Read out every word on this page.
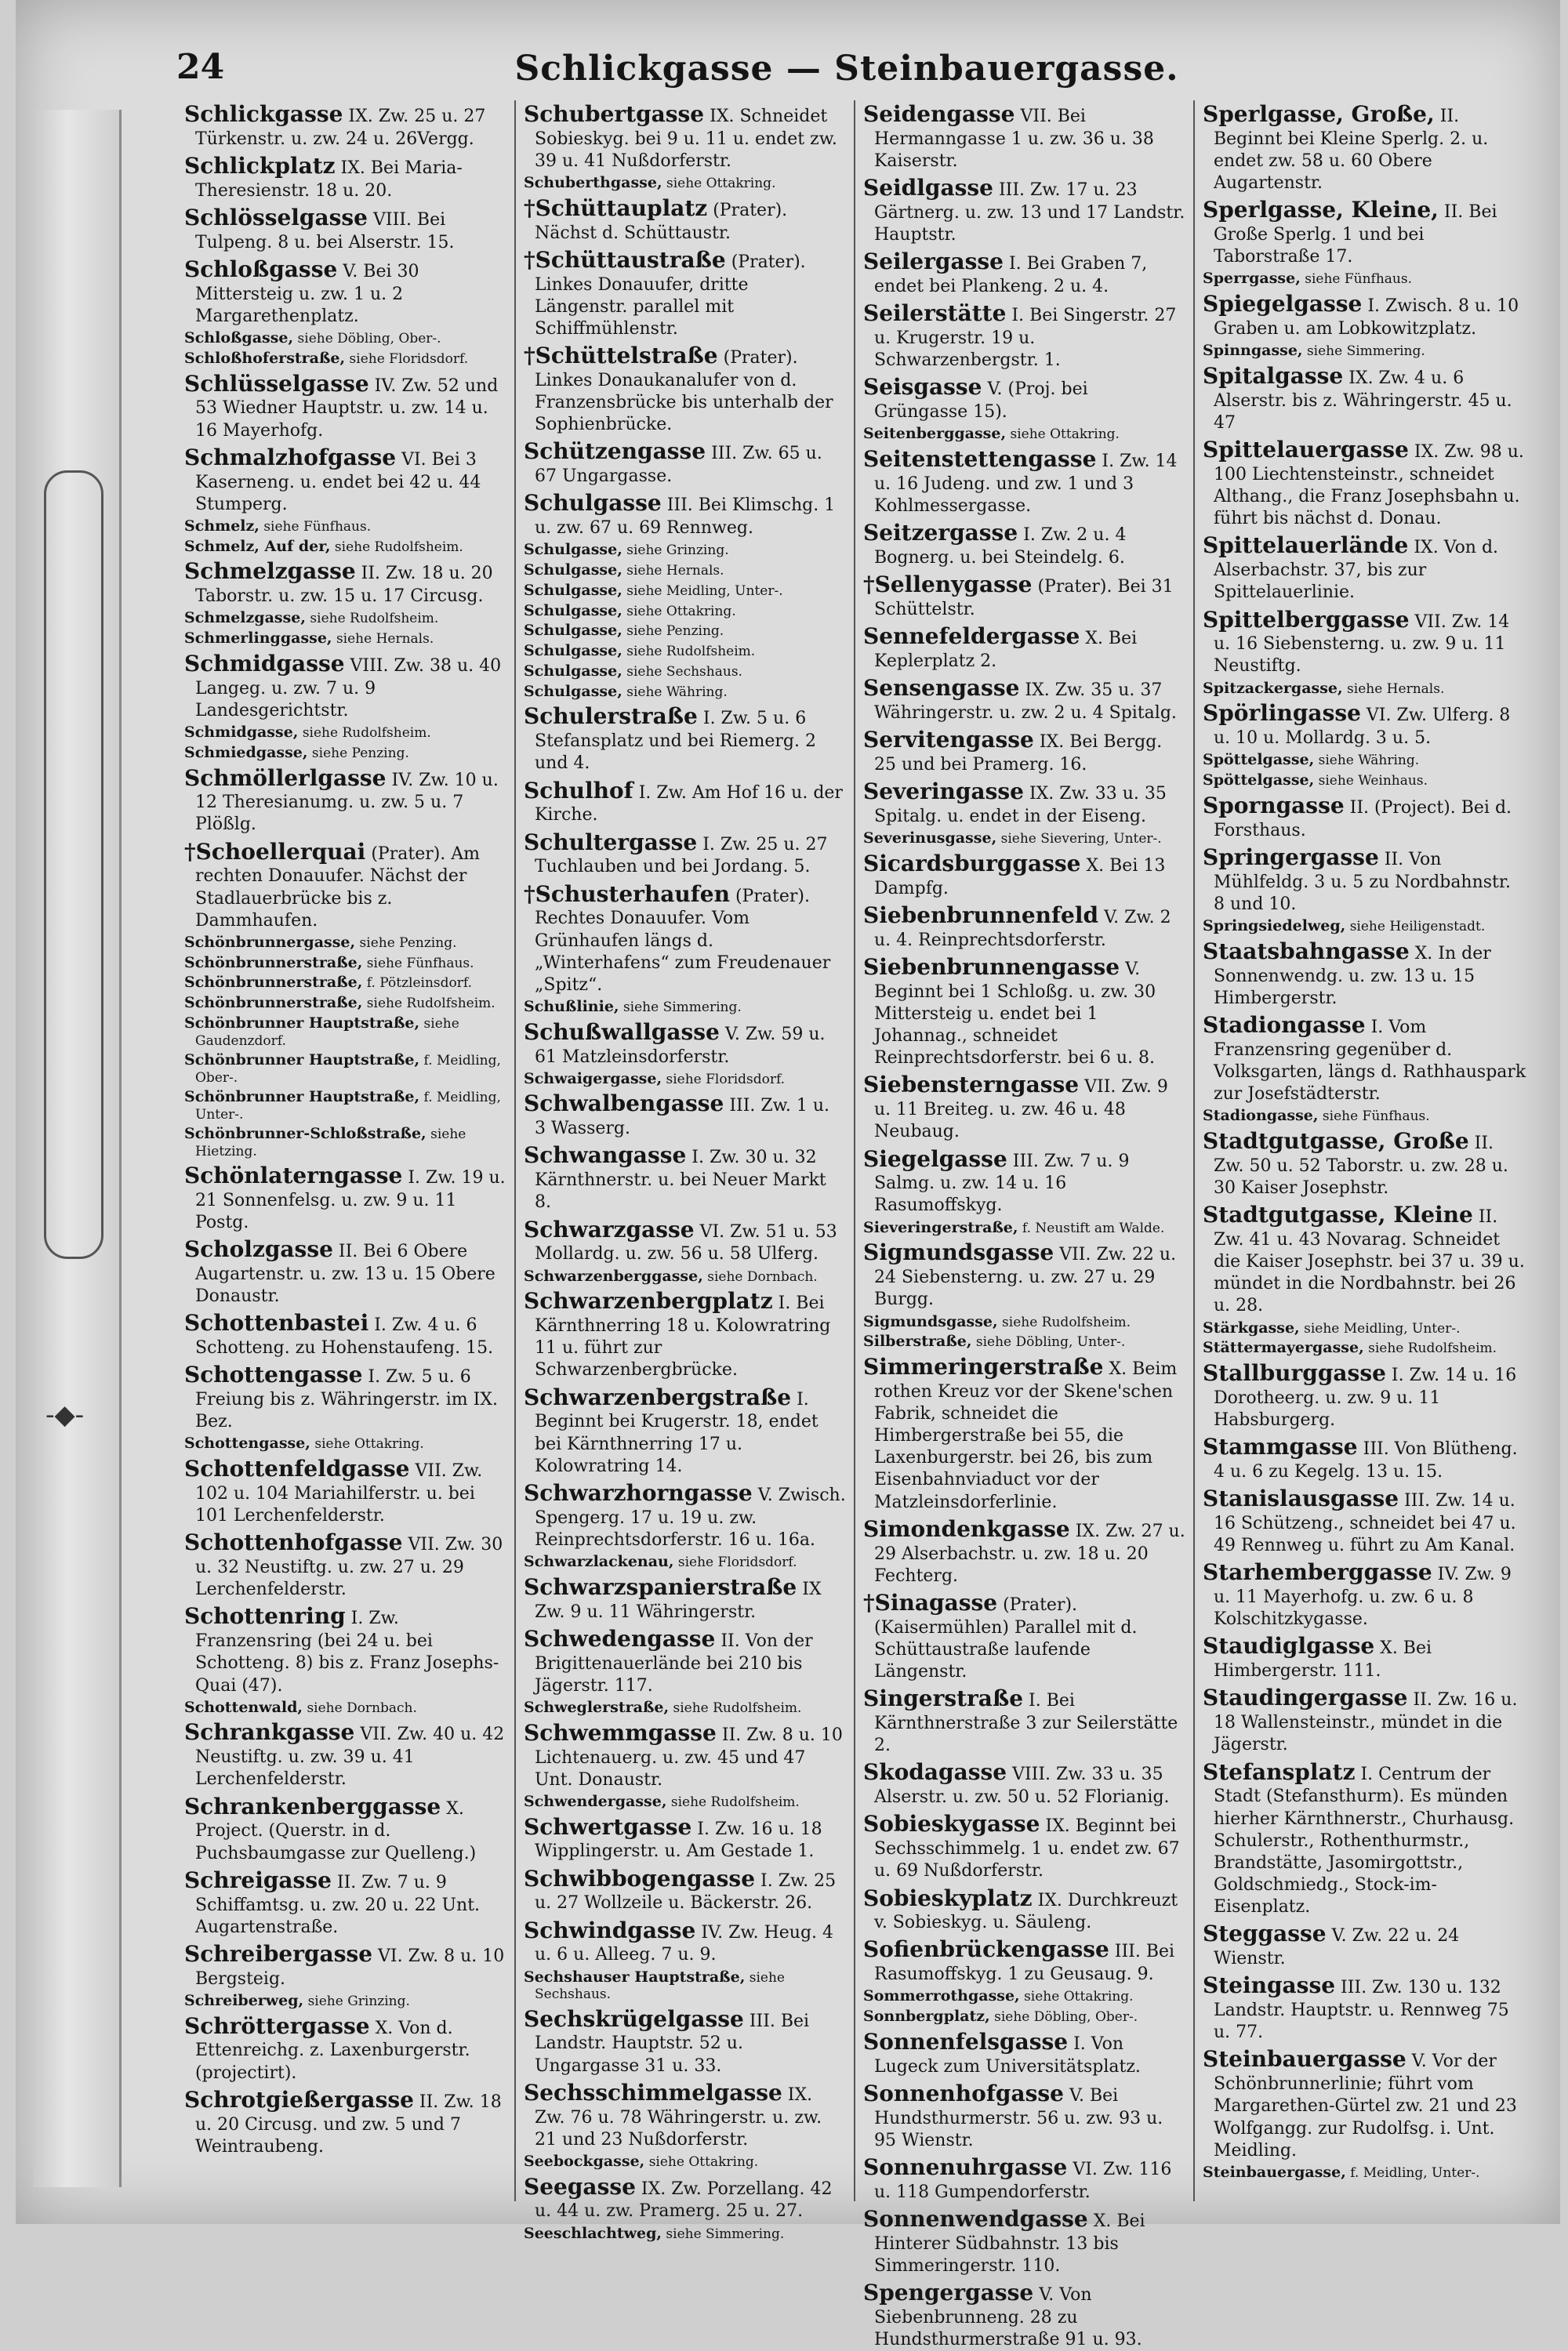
-◆-
24	Schlickgasse — Steinbauergasse.
Schlickgasse IX. Zw. 25 u. 27 Türkenstr. u. zw. 24 u. 26Vergg.
Schlickplatz IX. Bei Maria-Theresienstr. 18 u. 20.
Schlösselgasse VIII. Bei Tulpeng. 8 u. bei Alserstr. 15.
Schloßgasse V. Bei 30 Mittersteig u. zw. 1 u. 2 Margarethenplatz.
Schloßgasse, siehe Döbling, Ober-.
Schloßhoferstraße, siehe Floridsdorf.
Schlüsselgasse IV. Zw. 52 und 53 Wiedner Hauptstr. u. zw. 14 u. 16 Mayerhofg.
Schmalzhofgasse VI. Bei 3 Kaserneng. u. endet bei 42 u. 44 Stumperg.
Schmelz, siehe Fünfhaus.
Schmelz, Auf der, siehe Rudolfsheim.
Schmelzgasse II. Zw. 18 u. 20 Taborstr. u. zw. 15 u. 17 Circusg.
Schmelzgasse, siehe Rudolfsheim.
Schmerlinggasse, siehe Hernals.
Schmidgasse VIII. Zw. 38 u. 40 Langeg. u. zw. 7 u. 9 Landesgerichtstr.
Schmidgasse, siehe Rudolfsheim.
Schmiedgasse, siehe Penzing.
Schmöllerlgasse IV. Zw. 10 u. 12 Theresianumg. u. zw. 5 u. 7 Plößlg.
†Schoellerquai (Prater). Am rechten Donauufer. Nächst der Stadlauerbrücke bis z. Dammhaufen.
Schönbrunnergasse, siehe Penzing.
Schönbrunnerstraße, siehe Fünfhaus.
Schönbrunnerstraße, f. Pötzleinsdorf.
Schönbrunnerstraße, siehe Rudolfsheim.
Schönbrunner Hauptstraße, siehe Gaudenzdorf.
Schönbrunner Hauptstraße, f. Meidling, Ober-.
Schönbrunner Hauptstraße, f. Meidling, Unter-.
Schönbrunner-Schloßstraße, siehe Hietzing.
Schönlaterngasse I. Zw. 19 u. 21 Sonnenfelsg. u. zw. 9 u. 11 Postg.
Scholzgasse II. Bei 6 Obere Augartenstr. u. zw. 13 u. 15 Obere Donaustr.
Schottenbastei I. Zw. 4 u. 6 Schotteng. zu Hohenstaufeng. 15.
Schottengasse I. Zw. 5 u. 6 Freiung bis z. Währingerstr. im IX. Bez.
Schottengasse, siehe Ottakring.
Schottenfeldgasse VII. Zw. 102 u. 104 Mariahilferstr. u. bei 101 Lerchenfelderstr.
Schottenhofgasse VII. Zw. 30 u. 32 Neustiftg. u. zw. 27 u. 29 Lerchenfelderstr.
Schottenring I. Zw. Franzensring (bei 24 u. bei Schotteng. 8) bis z. Franz Josephs-Quai (47).
Schottenwald, siehe Dornbach.
Schrankgasse VII. Zw. 40 u. 42 Neustiftg. u. zw. 39 u. 41 Lerchenfelderstr.
Schrankenberggasse X. Project. (Querstr. in d. Puchsbaumgasse zur Quelleng.)
Schreigasse II. Zw. 7 u. 9 Schiffamtsg. u. zw. 20 u. 22 Unt. Augartenstraße.
Schreibergasse VI. Zw. 8 u. 10 Bergsteig.
Schreiberweg, siehe Grinzing.
Schröttergasse X. Von d. Ettenreichg. z. Laxenburgerstr. (projectirt).
Schrotgießergasse II. Zw. 18 u. 20 Circusg. und zw. 5 und 7 Weintraubeng.
Schubertgasse IX. Schneidet Sobieskyg. bei 9 u. 11 u. endet zw. 39 u. 41 Nußdorferstr.
Schuberthgasse, siehe Ottakring.
†Schüttauplatz (Prater). Nächst d. Schüttaustr.
†Schüttaustraße (Prater). Linkes Donauufer, dritte Längenstr. parallel mit Schiffmühlenstr.
†Schüttelstraße (Prater). Linkes Donaukanalufer von d. Franzensbrücke bis unterhalb der Sophienbrücke.
Schützengasse III. Zw. 65 u. 67 Ungargasse.
Schulgasse III. Bei Klimschg. 1 u. zw. 67 u. 69 Rennweg.
Schulgasse, siehe Grinzing.
Schulgasse, siehe Hernals.
Schulgasse, siehe Meidling, Unter-.
Schulgasse, siehe Ottakring.
Schulgasse, siehe Penzing.
Schulgasse, siehe Rudolfsheim.
Schulgasse, siehe Sechshaus.
Schulgasse, siehe Währing.
Schulerstraße I. Zw. 5 u. 6 Stefansplatz und bei Riemerg. 2 und 4.
Schulhof I. Zw. Am Hof 16 u. der Kirche.
Schultergasse I. Zw. 25 u. 27 Tuchlauben und bei Jordang. 5.
†Schusterhaufen (Prater). Rechtes Donauufer. Vom Grünhaufen längs d. „Winterhafens“ zum Freudenauer „Spitz“.
Schußlinie, siehe Simmering.
Schußwallgasse V. Zw. 59 u. 61 Matzleinsdorferstr.
Schwaigergasse, siehe Floridsdorf.
Schwalbengasse III. Zw. 1 u. 3 Wasserg.
Schwangasse I. Zw. 30 u. 32 Kärnthnerstr. u. bei Neuer Markt 8.
Schwarzgasse VI. Zw. 51 u. 53 Mollardg. u. zw. 56 u. 58 Ulferg.
Schwarzenberggasse, siehe Dornbach.
Schwarzenbergplatz I. Bei Kärnthnerring 18 u. Kolowratring 11 u. führt zur Schwarzenbergbrücke.
Schwarzenbergstraße I. Beginnt bei Krugerstr. 18, endet bei Kärnthnerring 17 u. Kolowratring 14.
Schwarzhorngasse V. Zwisch. Spengerg. 17 u. 19 u. zw. Reinprechtsdorferstr. 16 u. 16a.
Schwarzlackenau, siehe Floridsdorf.
Schwarzspanierstraße IX Zw. 9 u. 11 Währingerstr.
Schwedengasse II. Von der Brigittenauerlände bei 210 bis Jägerstr. 117.
Schweglerstraße, siehe Rudolfsheim.
Schwemmgasse II. Zw. 8 u. 10 Lichtenauerg. u. zw. 45 und 47 Unt. Donaustr.
Schwendergasse, siehe Rudolfsheim.
Schwertgasse I. Zw. 16 u. 18 Wipplingerstr. u. Am Gestade 1.
Schwibbogengasse I. Zw. 25 u. 27 Wollzeile u. Bäckerstr. 26.
Schwindgasse IV. Zw. Heug. 4 u. 6 u. Alleeg. 7 u. 9.
Sechshauser Hauptstraße, siehe Sechshaus.
Sechskrügelgasse III. Bei Landstr. Hauptstr. 52 u. Ungargasse 31 u. 33.
Sechsschimmelgasse IX. Zw. 76 u. 78 Währingerstr. u. zw. 21 und 23 Nußdorferstr.
Seebockgasse, siehe Ottakring.
Seegasse IX. Zw. Porzellang. 42 u. 44 u. zw. Pramerg. 25 u. 27.
Seeschlachtweg, siehe Simmering.
Seidengasse VII. Bei Hermanngasse 1 u. zw. 36 u. 38 Kaiserstr.
Seidlgasse III. Zw. 17 u. 23 Gärtnerg. u. zw. 13 und 17 Landstr. Hauptstr.
Seilergasse I. Bei Graben 7, endet bei Plankeng. 2 u. 4.
Seilerstätte I. Bei Singerstr. 27 u. Krugerstr. 19 u. Schwarzenbergstr. 1.
Seisgasse V. (Proj. bei Grüngasse 15).
Seitenberggasse, siehe Ottakring.
Seitenstettengasse I. Zw. 14 u. 16 Judeng. und zw. 1 und 3 Kohlmessergasse.
Seitzergasse I. Zw. 2 u. 4 Bognerg. u. bei Steindelg. 6.
†Sellenygasse (Prater). Bei 31 Schüttelstr.
Sennefeldergasse X. Bei Keplerplatz 2.
Sensengasse IX. Zw. 35 u. 37 Währingerstr. u. zw. 2 u. 4 Spitalg.
Servitengasse IX. Bei Bergg. 25 und bei Pramerg. 16.
Severingasse IX. Zw. 33 u. 35 Spitalg. u. endet in der Eiseng.
Severinusgasse, siehe Sievering, Unter-.
Sicardsburggasse X. Bei 13 Dampfg.
Siebenbrunnenfeld V. Zw. 2 u. 4. Reinprechtsdorferstr.
Siebenbrunnengasse V. Beginnt bei 1 Schloßg. u. zw. 30 Mittersteig u. endet bei 1 Johannag., schneidet Reinprechtsdorferstr. bei 6 u. 8.
Siebensterngasse VII. Zw. 9 u. 11 Breiteg. u. zw. 46 u. 48 Neubaug.
Siegelgasse III. Zw. 7 u. 9 Salmg. u. zw. 14 u. 16 Rasumoffskyg.
Sieveringerstraße, f. Neustift am Walde.
Sigmundsgasse VII. Zw. 22 u. 24 Siebensterng. u. zw. 27 u. 29 Burgg.
Sigmundsgasse, siehe Rudolfsheim.
Silberstraße, siehe Döbling, Unter-.
Simmeringerstraße X. Beim rothen Kreuz vor der Skene'schen Fabrik, schneidet die Himbergerstraße bei 55, die Laxenburgerstr. bei 26, bis zum Eisenbahnviaduct vor der Matzleinsdorferlinie.
Simondenkgasse IX. Zw. 27 u. 29 Alserbachstr. u. zw. 18 u. 20 Fechterg.
†Sinagasse (Prater). (Kaisermühlen) Parallel mit d. Schüttaustraße laufende Längenstr.
Singerstraße I. Bei Kärnthnerstraße 3 zur Seilerstätte 2.
Skodagasse VIII. Zw. 33 u. 35 Alserstr. u. zw. 50 u. 52 Florianig.
Sobieskygasse IX. Beginnt bei Sechsschimmelg. 1 u. endet zw. 67 u. 69 Nußdorferstr.
Sobieskyplatz IX. Durchkreuzt v. Sobieskyg. u. Säuleng.
Sofienbrückengasse III. Bei Rasumoffskyg. 1 zu Geusaug. 9.
Sommerrothgasse, siehe Ottakring.
Sonnbergplatz, siehe Döbling, Ober-.
Sonnenfelsgasse I. Von Lugeck zum Universitätsplatz.
Sonnenhofgasse V. Bei Hundsthurmerstr. 56 u. zw. 93 u. 95 Wienstr.
Sonnenuhrgasse VI. Zw. 116 u. 118 Gumpendorferstr.
Sonnenwendgasse X. Bei Hinterer Südbahnstr. 13 bis Simmeringerstr. 110.
Spengergasse V. Von Siebenbrunneng. 28 zu Hundsthurmerstraße 91 u. 93.
Sperlgasse, Große, II. Beginnt bei Kleine Sperlg. 2. u. endet zw. 58 u. 60 Obere Augartenstr.
Sperlgasse, Kleine, II. Bei Große Sperlg. 1 und bei Taborstraße 17.
Sperrgasse, siehe Fünfhaus.
Spiegelgasse I. Zwisch. 8 u. 10 Graben u. am Lobkowitzplatz.
Spinngasse, siehe Simmering.
Spitalgasse IX. Zw. 4 u. 6 Alserstr. bis z. Währingerstr. 45 u. 47
Spittelauergasse IX. Zw. 98 u. 100 Liechtensteinstr., schneidet Althang., die Franz Josephsbahn u. führt bis nächst d. Donau.
Spittelauerlände IX. Von d. Alserbachstr. 37, bis zur Spittelauerlinie.
Spittelberggasse VII. Zw. 14 u. 16 Siebensterng. u. zw. 9 u. 11 Neustiftg.
Spitzackergasse, siehe Hernals.
Spörlingasse VI. Zw. Ulferg. 8 u. 10 u. Mollardg. 3 u. 5.
Spöttelgasse, siehe Währing.
Spöttelgasse, siehe Weinhaus.
Sporngasse II. (Project). Bei d. Forsthaus.
Springergasse II. Von Mühlfeldg. 3 u. 5 zu Nordbahnstr. 8 und 10.
Springsiedelweg, siehe Heiligenstadt.
Staatsbahngasse X. In der Sonnenwendg. u. zw. 13 u. 15 Himbergerstr.
Stadiongasse I. Vom Franzensring gegenüber d. Volksgarten, längs d. Rathhauspark zur Josefstädterstr.
Stadiongasse, siehe Fünfhaus.
Stadtgutgasse, Große II. Zw. 50 u. 52 Taborstr. u. zw. 28 u. 30 Kaiser Josephstr.
Stadtgutgasse, Kleine II. Zw. 41 u. 43 Novarag. Schneidet die Kaiser Josephstr. bei 37 u. 39 u. mündet in die Nordbahnstr. bei 26 u. 28.
Stärkgasse, siehe Meidling, Unter-.
Stättermayergasse, siehe Rudolfsheim.
Stallburggasse I. Zw. 14 u. 16 Dorotheerg. u. zw. 9 u. 11 Habsburgerg.
Stammgasse III. Von Blütheng. 4 u. 6 zu Kegelg. 13 u. 15.
Stanislausgasse III. Zw. 14 u. 16 Schützeng., schneidet bei 47 u. 49 Rennweg u. führt zu Am Kanal.
Starhemberggasse IV. Zw. 9 u. 11 Mayerhofg. u. zw. 6 u. 8 Kolschitzkygasse.
Staudiglgasse X. Bei Himbergerstr. 111.
Staudingergasse II. Zw. 16 u. 18 Wallensteinstr., mündet in die Jägerstr.
Stefansplatz I. Centrum der Stadt (Stefansthurm). Es münden hierher Kärnthnerstr., Churhausg. Schulerstr., Rothenthurmstr., Brandstätte, Jasomirgottstr., Goldschmiedg., Stock-im-Eisenplatz.
Steggasse V. Zw. 22 u. 24 Wienstr.
Steingasse III. Zw. 130 u. 132 Landstr. Hauptstr. u. Rennweg 75 u. 77.
Steinbauergasse V. Vor der Schönbrunnerlinie; führt vom Margarethen-Gürtel zw. 21 und 23 Wolfgangg. zur Rudolfsg. i. Unt. Meidling.
Steinbauergasse, f. Meidling, Unter-.
